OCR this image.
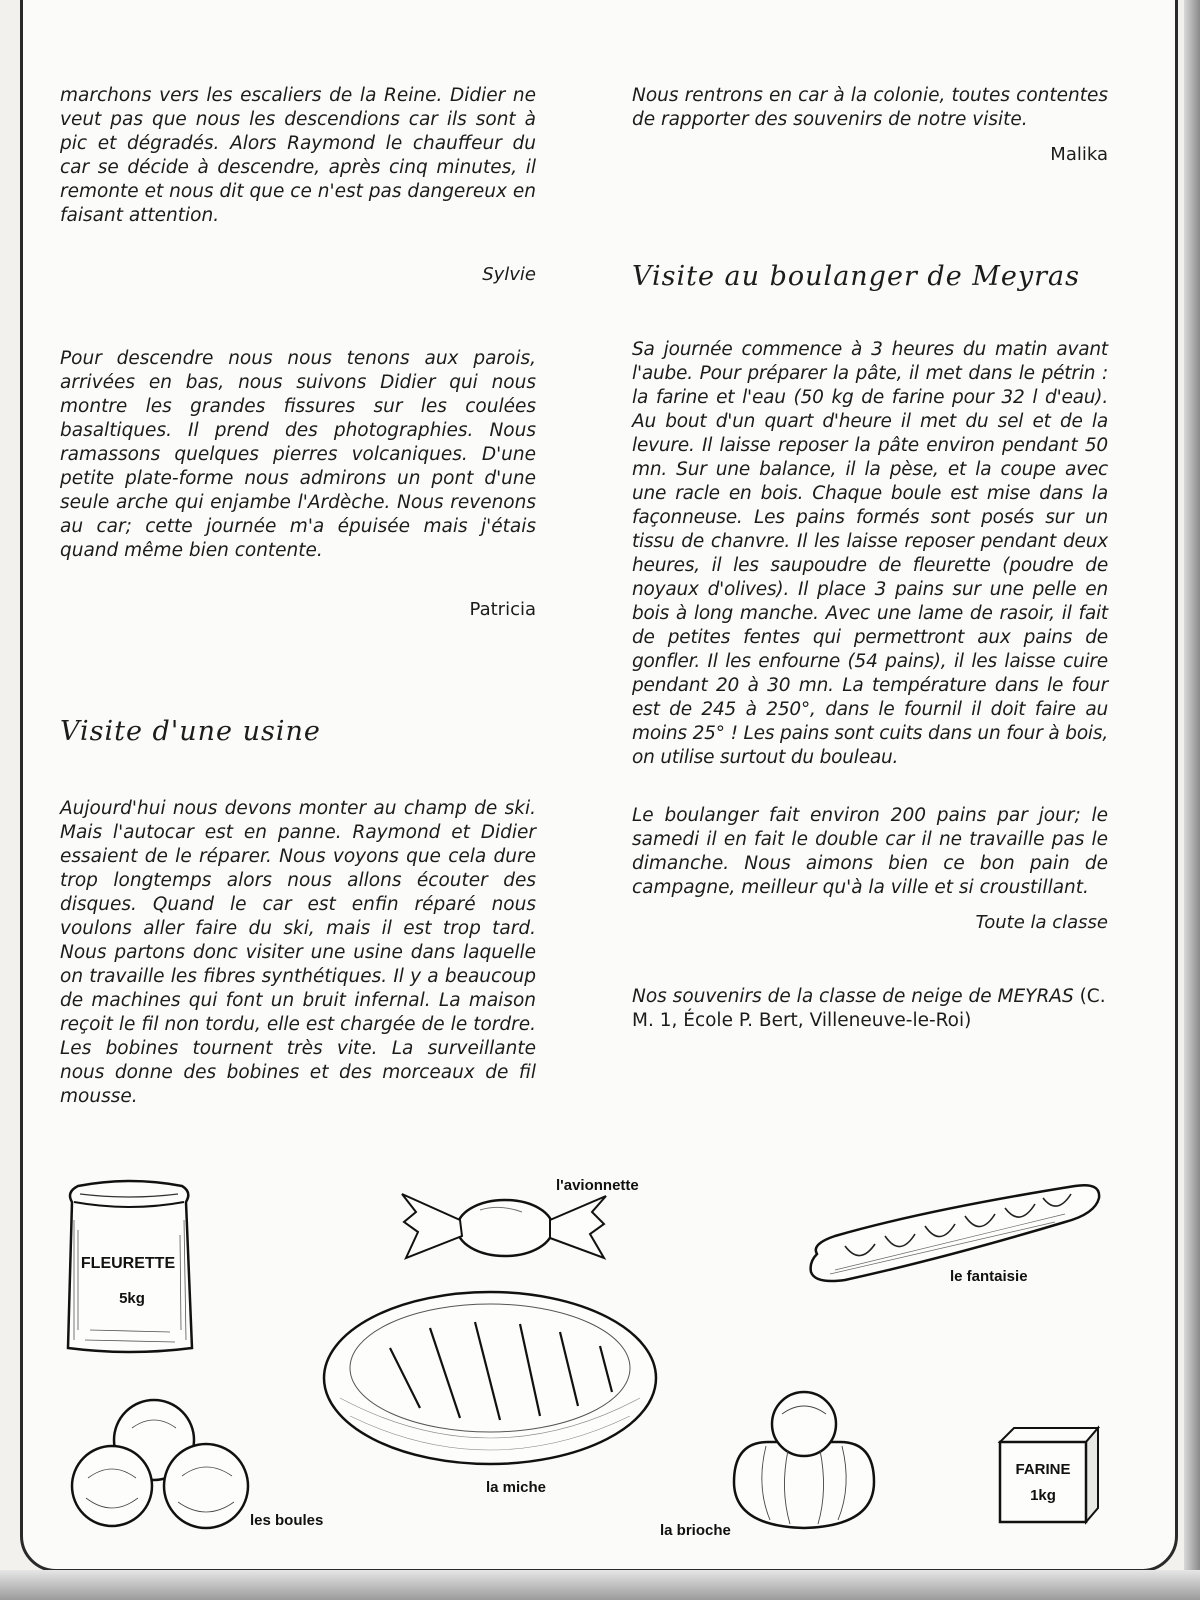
marchons vers les escaliers de la Reine. Didier ne veut pas que nous les descendions car ils sont à pic et dégradés. Alors Raymond le chauffeur du car se décide à descendre, après cinq minutes, il remonte et nous dit que ce n'est pas dangereux en faisant attention.

Sylvie

Pour descendre nous nous tenons aux parois, arrivées en bas, nous suivons Didier qui nous montre les grandes fissures sur les coulées basaltiques. Il prend des photographies. Nous ramassons quelques pierres volcaniques. D'une petite plate-forme nous admirons un pont d'une seule arche qui enjambe l'Ardèche. Nous revenons au car; cette journée m'a épuisée mais j'étais quand même bien contente.

Patricia

Visite d'une usine

Aujourd'hui nous devons monter au champ de ski. Mais l'autocar est en panne. Raymond et Didier essaient de le réparer. Nous voyons que cela dure trop longtemps alors nous allons écouter des disques. Quand le car est enfin réparé nous voulons aller faire du ski, mais il est trop tard. Nous partons donc visiter une usine dans laquelle on travaille les fibres synthétiques. Il y a beaucoup de machines qui font un bruit infernal. La maison reçoit le fil non tordu, elle est chargée de le tordre. Les bobines tournent très vite. La surveillante nous donne des bobines et des morceaux de fil mousse.

Nous rentrons en car à la colonie, toutes contentes de rapporter des souvenirs de notre visite.

Malika

Visite au boulanger de Meyras

Sa journée commence à 3 heures du matin avant l'aube. Pour préparer la pâte, il met dans le pétrin : la farine et l'eau (50 kg de farine pour 32 l d'eau). Au bout d'un quart d'heure il met du sel et de la levure. Il laisse reposer la pâte environ pendant 50 mn. Sur une balance, il la pèse, et la coupe avec une racle en bois. Chaque boule est mise dans la façonneuse. Les pains formés sont posés sur un tissu de chanvre. Il les laisse reposer pendant deux heures, il les saupoudre de fleurette (poudre de noyaux d'olives). Il place 3 pains sur une pelle en bois à long manche. Avec une lame de rasoir, il fait de petites fentes qui permettront aux pains de gonfler. Il les enfourne (54 pains), il les laisse cuire pendant 20 à 30 mn. La température dans le four est de 245 à 250°, dans le fournil il doit faire au moins 25° ! Les pains sont cuits dans un four à bois, on utilise surtout du bouleau.

Le boulanger fait environ 200 pains par jour; le samedi il en fait le double car il ne travaille pas le dimanche. Nous aimons bien ce bon pain de campagne, meilleur qu'à la ville et si croustillant.

Toute la classe

Nos souvenirs de la classe de neige de MEYRAS (C. M. 1, École P. Bert, Villeneuve-le-Roi)

FLEURETTE
5kg
l'avionnette
le fantaisie
la miche
les boules
la brioche
FARINE
1kg
